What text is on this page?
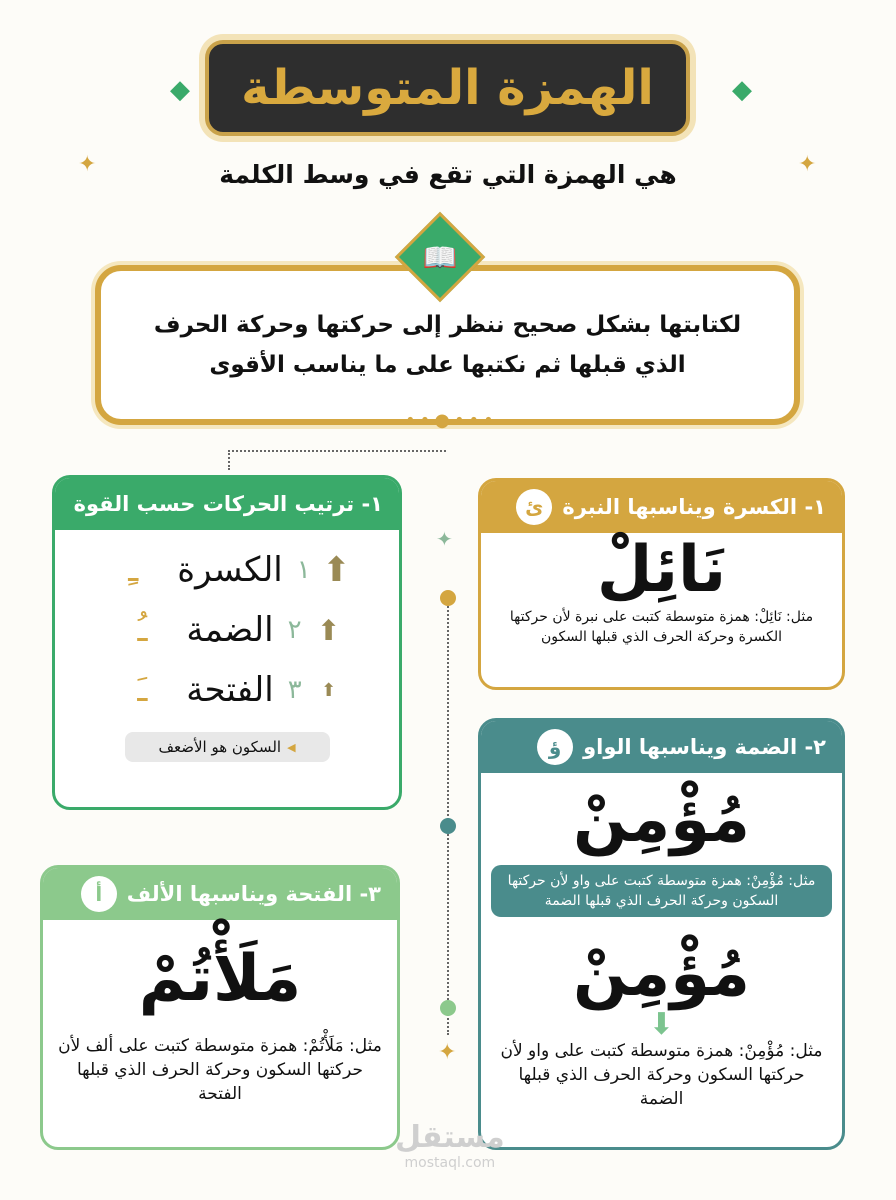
الهمزة المتوسطة
◆	◆
✦	✦
هي الهمزة التي تقع في وسط الكلمة
لكتابتها بشكل صحيح ننظر إلى حركتها وحركة الحرف
الذي قبلها ثم نكتبها على ما يناسب الأقوى
📖
•••●••
✦
✦
١- ترتيب الحركات حسب القوة
⬆
١
الكسرة
ـِ
⬆
٢
الضمة
ـُ
⬆
٣
الفتحة
ـَ
◀
السكون هو الأضعف
١- الكسرة ويناسبها النبرة
ئ
نَائِلْ
مثل: نَائِلْ: همزة متوسطة كتبت على نبرة لأن حركتها الكسرة وحركة الحرف الذي قبلها السكون
٢- الضمة ويناسبها الواو
ؤ
مُؤْمِنْ
مثل: مُؤْمِنْ: همزة متوسطة كتبت على واو لأن حركتها السكون وحركة الحرف الذي قبلها الضمة
مُؤْمِنْ
⬇
مثل: مُؤْمِنْ: همزة متوسطة كتبت على واو لأن حركتها السكون وحركة الحرف الذي قبلها الضمة
٣- الفتحة ويناسبها الألف
أ
مَلَأْتُمْ
مثل: مَلَأْتُمْ: همزة متوسطة كتبت على ألف لأن حركتها السكون وحركة الحرف الذي قبلها الفتحة
مستقل
mostaql.com
